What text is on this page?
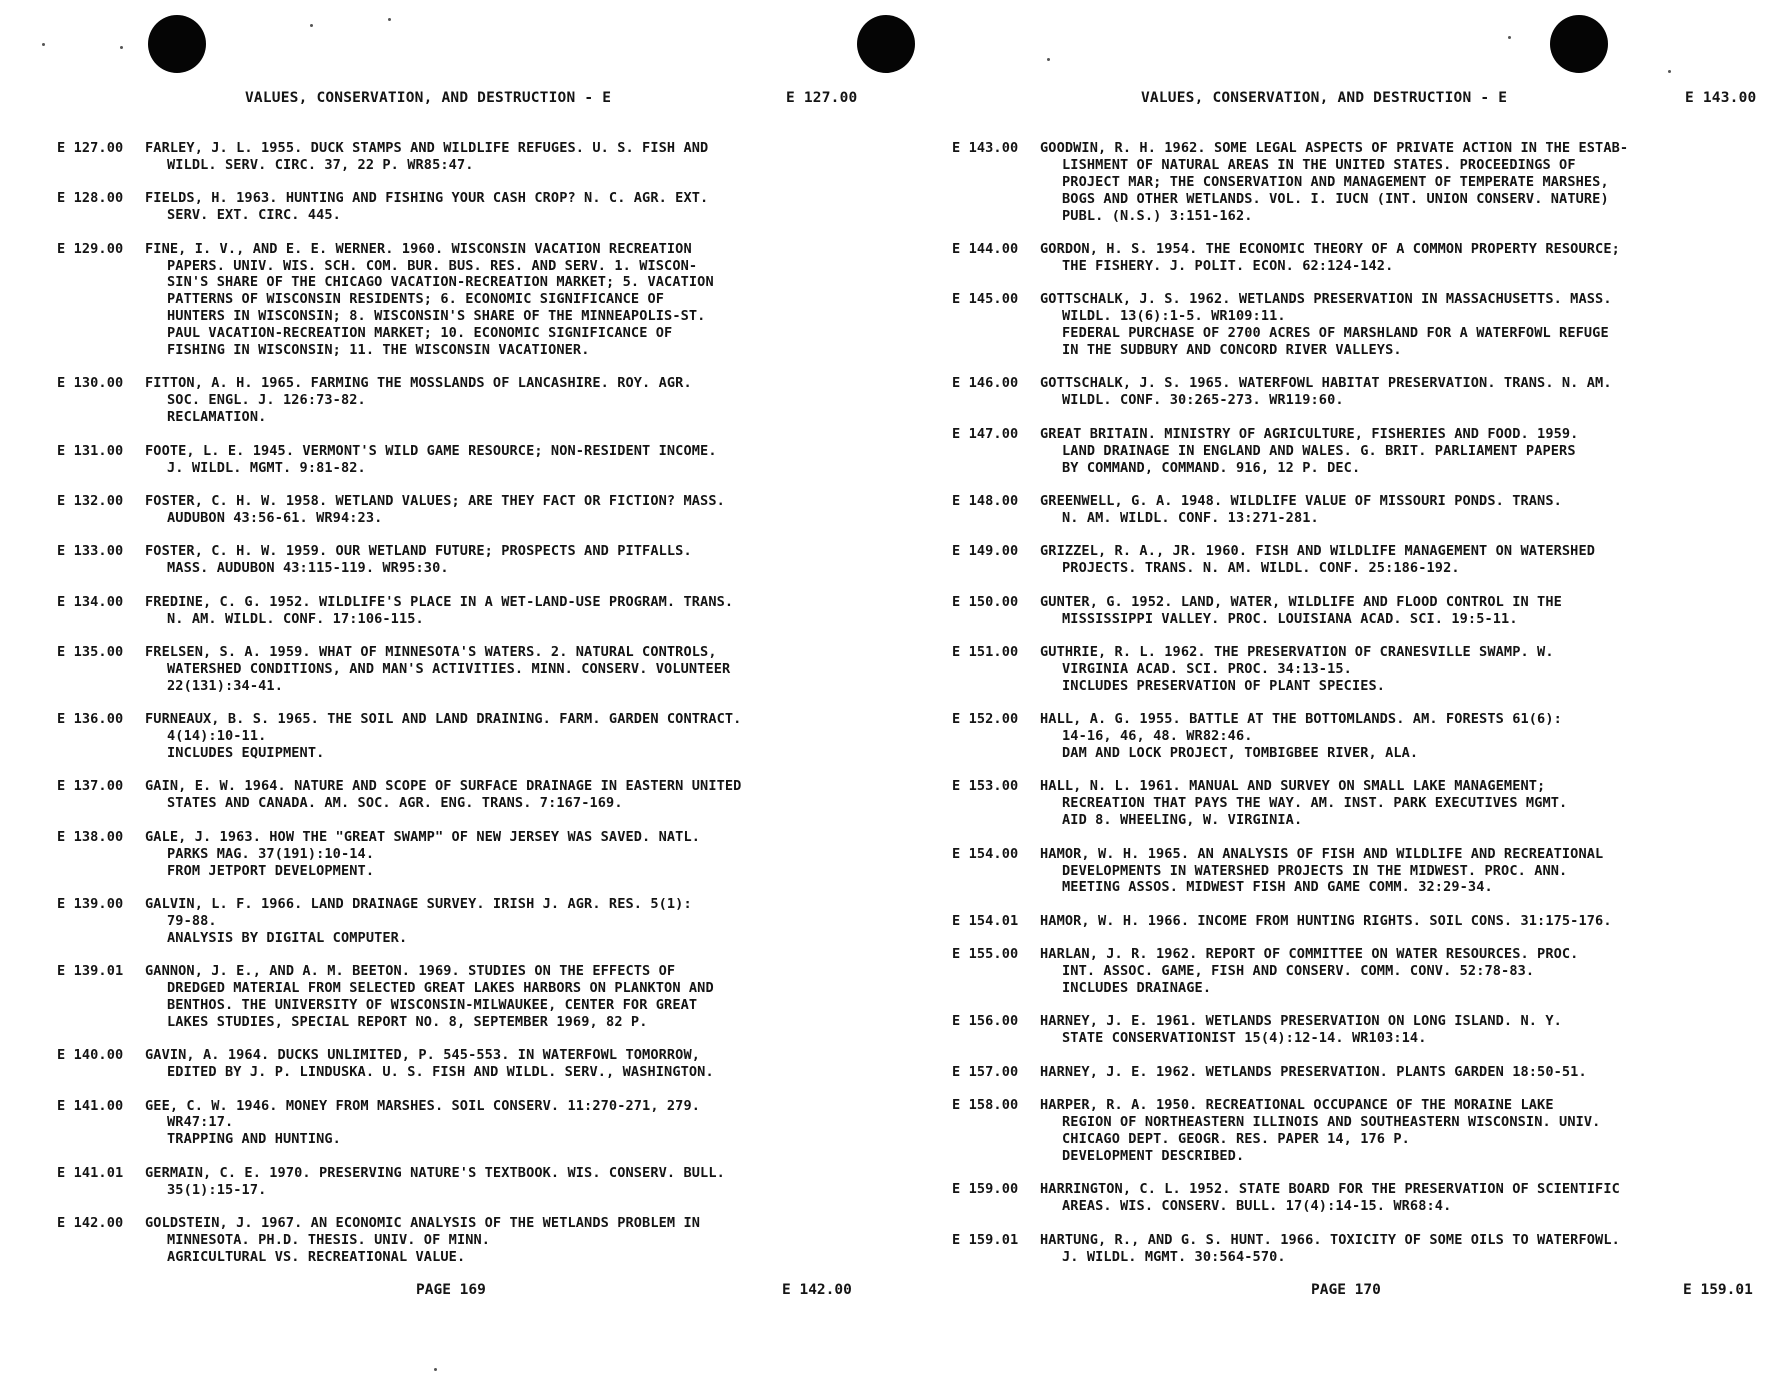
VALUES, CONSERVATION, AND DESTRUCTION - E	E 127.00
E 127.00	FARLEY, J. L. 1955. DUCK STAMPS AND WILDLIFE REFUGES. U. S. FISH AND
WILDL. SERV. CIRC. 37, 22 P. WR85:47.
E 128.00	FIELDS, H. 1963. HUNTING AND FISHING YOUR CASH CROP? N. C. AGR. EXT.
SERV. EXT. CIRC. 445.
E 129.00	FINE, I. V., AND E. E. WERNER. 1960. WISCONSIN VACATION RECREATION
PAPERS. UNIV. WIS. SCH. COM. BUR. BUS. RES. AND SERV. 1. WISCON-
SIN'S SHARE OF THE CHICAGO VACATION-RECREATION MARKET; 5. VACATION
PATTERNS OF WISCONSIN RESIDENTS; 6. ECONOMIC SIGNIFICANCE OF
HUNTERS IN WISCONSIN; 8. WISCONSIN'S SHARE OF THE MINNEAPOLIS-ST.
PAUL VACATION-RECREATION MARKET; 10. ECONOMIC SIGNIFICANCE OF
FISHING IN WISCONSIN; 11. THE WISCONSIN VACATIONER.
E 130.00	FITTON, A. H. 1965. FARMING THE MOSSLANDS OF LANCASHIRE. ROY. AGR.
SOC. ENGL. J. 126:73-82.
RECLAMATION.
E 131.00	FOOTE, L. E. 1945. VERMONT'S WILD GAME RESOURCE; NON-RESIDENT INCOME.
J. WILDL. MGMT. 9:81-82.
E 132.00	FOSTER, C. H. W. 1958. WETLAND VALUES; ARE THEY FACT OR FICTION? MASS.
AUDUBON 43:56-61. WR94:23.
E 133.00	FOSTER, C. H. W. 1959. OUR WETLAND FUTURE; PROSPECTS AND PITFALLS.
MASS. AUDUBON 43:115-119. WR95:30.
E 134.00	FREDINE, C. G. 1952. WILDLIFE'S PLACE IN A WET-LAND-USE PROGRAM. TRANS.
N. AM. WILDL. CONF. 17:106-115.
E 135.00	FRELSEN, S. A. 1959. WHAT OF MINNESOTA'S WATERS. 2. NATURAL CONTROLS,
WATERSHED CONDITIONS, AND MAN'S ACTIVITIES. MINN. CONSERV. VOLUNTEER
22(131):34-41.
E 136.00	FURNEAUX, B. S. 1965. THE SOIL AND LAND DRAINING. FARM. GARDEN CONTRACT.
4(14):10-11.
INCLUDES EQUIPMENT.
E 137.00	GAIN, E. W. 1964. NATURE AND SCOPE OF SURFACE DRAINAGE IN EASTERN UNITED
STATES AND CANADA. AM. SOC. AGR. ENG. TRANS. 7:167-169.
E 138.00	GALE, J. 1963. HOW THE "GREAT SWAMP" OF NEW JERSEY WAS SAVED. NATL.
PARKS MAG. 37(191):10-14.
FROM JETPORT DEVELOPMENT.
E 139.00	GALVIN, L. F. 1966. LAND DRAINAGE SURVEY. IRISH J. AGR. RES. 5(1):
79-88.
ANALYSIS BY DIGITAL COMPUTER.
E 139.01	GANNON, J. E., AND A. M. BEETON. 1969. STUDIES ON THE EFFECTS OF
DREDGED MATERIAL FROM SELECTED GREAT LAKES HARBORS ON PLANKTON AND
BENTHOS. THE UNIVERSITY OF WISCONSIN-MILWAUKEE, CENTER FOR GREAT
LAKES STUDIES, SPECIAL REPORT NO. 8, SEPTEMBER 1969, 82 P.
E 140.00	GAVIN, A. 1964. DUCKS UNLIMITED, P. 545-553. IN WATERFOWL TOMORROW,
EDITED BY J. P. LINDUSKA. U. S. FISH AND WILDL. SERV., WASHINGTON.
E 141.00	GEE, C. W. 1946. MONEY FROM MARSHES. SOIL CONSERV. 11:270-271, 279.
WR47:17.
TRAPPING AND HUNTING.
E 141.01	GERMAIN, C. E. 1970. PRESERVING NATURE'S TEXTBOOK. WIS. CONSERV. BULL.
35(1):15-17.
E 142.00	GOLDSTEIN, J. 1967. AN ECONOMIC ANALYSIS OF THE WETLANDS PROBLEM IN
MINNESOTA. PH.D. THESIS. UNIV. OF MINN.
AGRICULTURAL VS. RECREATIONAL VALUE.
PAGE 169	E 142.00
VALUES, CONSERVATION, AND DESTRUCTION - E	E 143.00
E 143.00	GOODWIN, R. H. 1962. SOME LEGAL ASPECTS OF PRIVATE ACTION IN THE ESTAB-
LISHMENT OF NATURAL AREAS IN THE UNITED STATES. PROCEEDINGS OF
PROJECT MAR; THE CONSERVATION AND MANAGEMENT OF TEMPERATE MARSHES,
BOGS AND OTHER WETLANDS. VOL. I. IUCN (INT. UNION CONSERV. NATURE)
PUBL. (N.S.) 3:151-162.
E 144.00	GORDON, H. S. 1954. THE ECONOMIC THEORY OF A COMMON PROPERTY RESOURCE;
THE FISHERY. J. POLIT. ECON. 62:124-142.
E 145.00	GOTTSCHALK, J. S. 1962. WETLANDS PRESERVATION IN MASSACHUSETTS. MASS.
WILDL. 13(6):1-5. WR109:11.
FEDERAL PURCHASE OF 2700 ACRES OF MARSHLAND FOR A WATERFOWL REFUGE
IN THE SUDBURY AND CONCORD RIVER VALLEYS.
E 146.00	GOTTSCHALK, J. S. 1965. WATERFOWL HABITAT PRESERVATION. TRANS. N. AM.
WILDL. CONF. 30:265-273. WR119:60.
E 147.00	GREAT BRITAIN. MINISTRY OF AGRICULTURE, FISHERIES AND FOOD. 1959.
LAND DRAINAGE IN ENGLAND AND WALES. G. BRIT. PARLIAMENT PAPERS
BY COMMAND, COMMAND. 916, 12 P. DEC.
E 148.00	GREENWELL, G. A. 1948. WILDLIFE VALUE OF MISSOURI PONDS. TRANS.
N. AM. WILDL. CONF. 13:271-281.
E 149.00	GRIZZEL, R. A., JR. 1960. FISH AND WILDLIFE MANAGEMENT ON WATERSHED
PROJECTS. TRANS. N. AM. WILDL. CONF. 25:186-192.
E 150.00	GUNTER, G. 1952. LAND, WATER, WILDLIFE AND FLOOD CONTROL IN THE
MISSISSIPPI VALLEY. PROC. LOUISIANA ACAD. SCI. 19:5-11.
E 151.00	GUTHRIE, R. L. 1962. THE PRESERVATION OF CRANESVILLE SWAMP. W.
VIRGINIA ACAD. SCI. PROC. 34:13-15.
INCLUDES PRESERVATION OF PLANT SPECIES.
E 152.00	HALL, A. G. 1955. BATTLE AT THE BOTTOMLANDS. AM. FORESTS 61(6):
14-16, 46, 48. WR82:46.
DAM AND LOCK PROJECT, TOMBIGBEE RIVER, ALA.
E 153.00	HALL, N. L. 1961. MANUAL AND SURVEY ON SMALL LAKE MANAGEMENT;
RECREATION THAT PAYS THE WAY. AM. INST. PARK EXECUTIVES MGMT.
AID 8. WHEELING, W. VIRGINIA.
E 154.00	HAMOR, W. H. 1965. AN ANALYSIS OF FISH AND WILDLIFE AND RECREATIONAL
DEVELOPMENTS IN WATERSHED PROJECTS IN THE MIDWEST. PROC. ANN.
MEETING ASSOS. MIDWEST FISH AND GAME COMM. 32:29-34.
E 154.01	HAMOR, W. H. 1966. INCOME FROM HUNTING RIGHTS. SOIL CONS. 31:175-176.
E 155.00	HARLAN, J. R. 1962. REPORT OF COMMITTEE ON WATER RESOURCES. PROC.
INT. ASSOC. GAME, FISH AND CONSERV. COMM. CONV. 52:78-83.
INCLUDES DRAINAGE.
E 156.00	HARNEY, J. E. 1961. WETLANDS PRESERVATION ON LONG ISLAND. N. Y.
STATE CONSERVATIONIST 15(4):12-14. WR103:14.
E 157.00	HARNEY, J. E. 1962. WETLANDS PRESERVATION. PLANTS GARDEN 18:50-51.
E 158.00	HARPER, R. A. 1950. RECREATIONAL OCCUPANCE OF THE MORAINE LAKE
REGION OF NORTHEASTERN ILLINOIS AND SOUTHEASTERN WISCONSIN. UNIV.
CHICAGO DEPT. GEOGR. RES. PAPER 14, 176 P.
DEVELOPMENT DESCRIBED.
E 159.00	HARRINGTON, C. L. 1952. STATE BOARD FOR THE PRESERVATION OF SCIENTIFIC
AREAS. WIS. CONSERV. BULL. 17(4):14-15. WR68:4.
E 159.01	HARTUNG, R., AND G. S. HUNT. 1966. TOXICITY OF SOME OILS TO WATERFOWL.
J. WILDL. MGMT. 30:564-570.
PAGE 170	E 159.01
